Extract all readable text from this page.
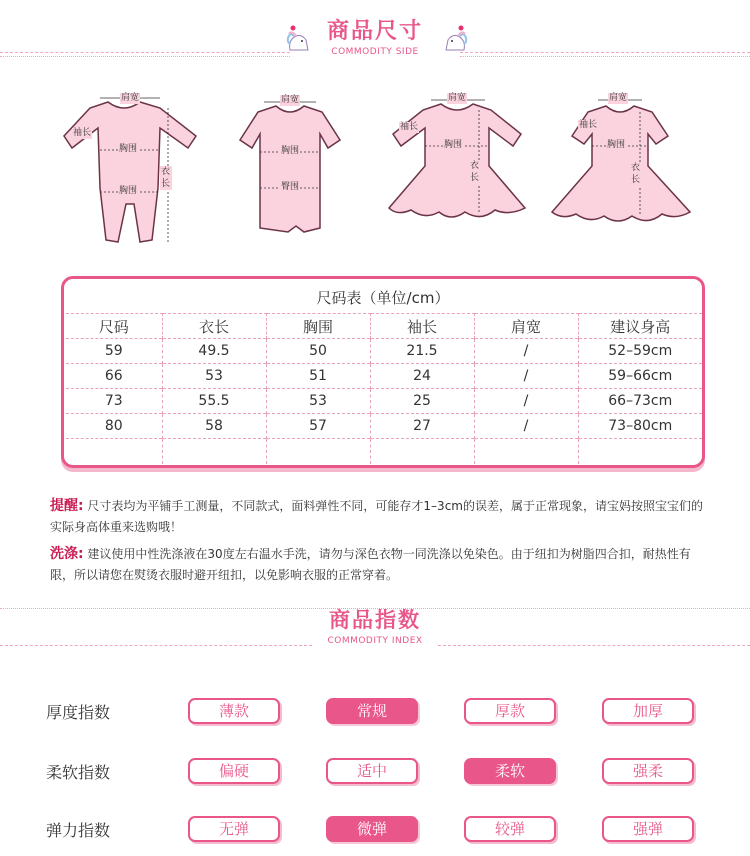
商品尺寸
COMMODITY SIDE
肩宽
袖长
胸围
衣长
胸围
肩宽
胸围
臀围
肩宽
袖长
胸围
衣长
肩宽
袖长
胸围
衣长
尺码表（单位/cm）
尺码	衣长	胸围	袖长	肩宽	建议身高
59	49.5	50	21.5	/	52–59cm
66	53	51	24	/	59–66cm
73	55.5	53	25	/	66–73cm
80	58	57	27	/	73–80cm

提醒: 尺寸表均为平铺手工测量，不同款式，面料弹性不同，可能存才1–3cm的误差，属于正常现象，请宝妈按照宝宝们的实际身高体重来选购哦！
洗涤: 建议使用中性洗涤液在30度左右温水手洗，请勿与深色衣物一同洗涤以免染色。由于纽扣为树脂四合扣，耐热性有限，所以请您在熨烫衣服时避开纽扣，以免影响衣服的正常穿着。
商品指数
COMMODITY INDEX
厚度指数	薄款	常规	厚款	加厚
柔软指数	偏硬	适中	柔软	强柔
弹力指数	无弹	微弹	较弹	强弹
